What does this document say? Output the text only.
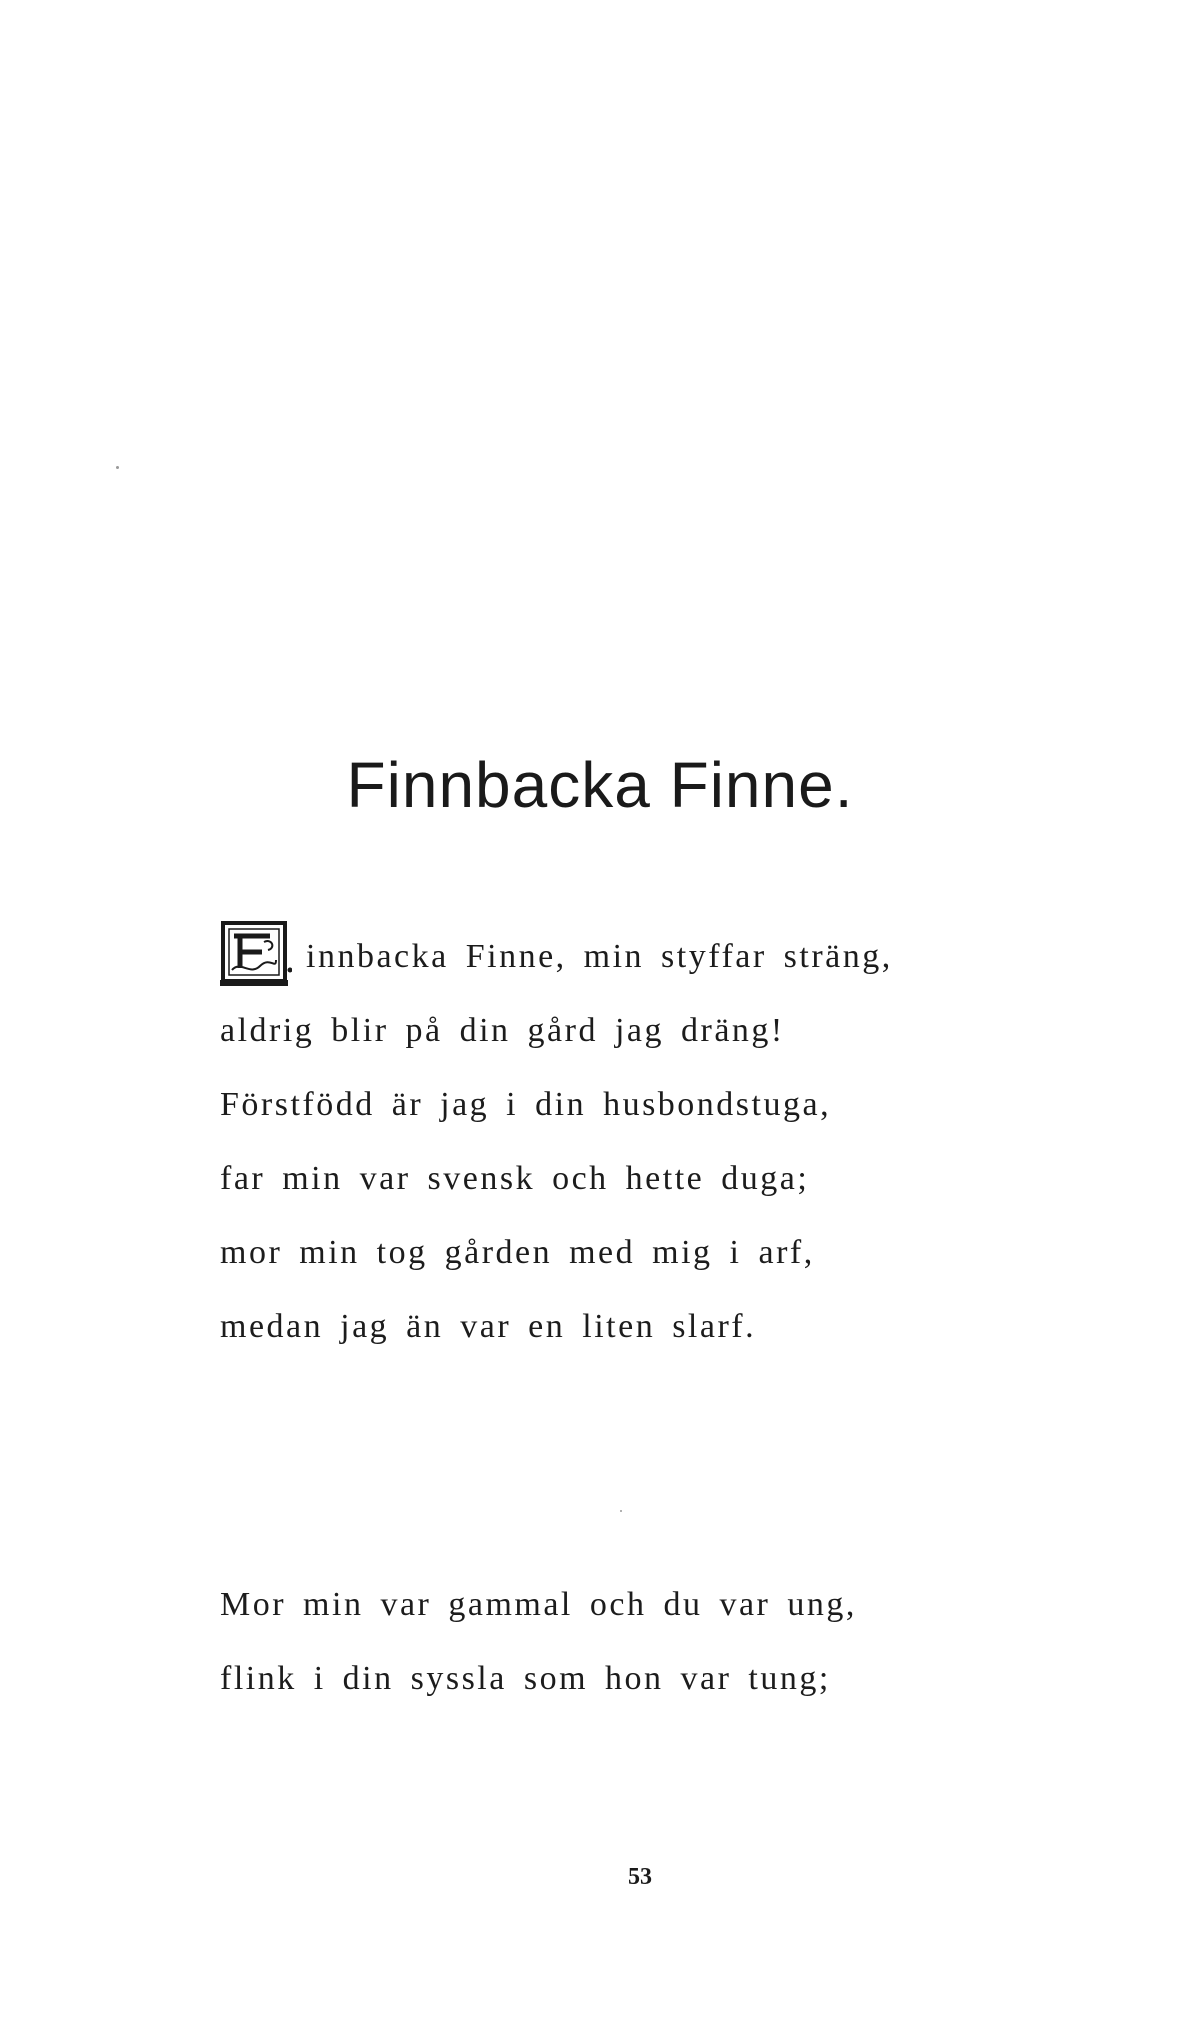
Finnbacka Finne.
F
innbacka Finne, min styffar sträng,
aldrig blir på din gård jag dräng!
Förstfödd är jag i din husbondstuga,
far min var svensk och hette duga;
mor min tog gården med mig i arf,
medan jag än var en liten slarf.
Mor min var gammal och du var ung,
flink i din syssla som hon var tung;
53
